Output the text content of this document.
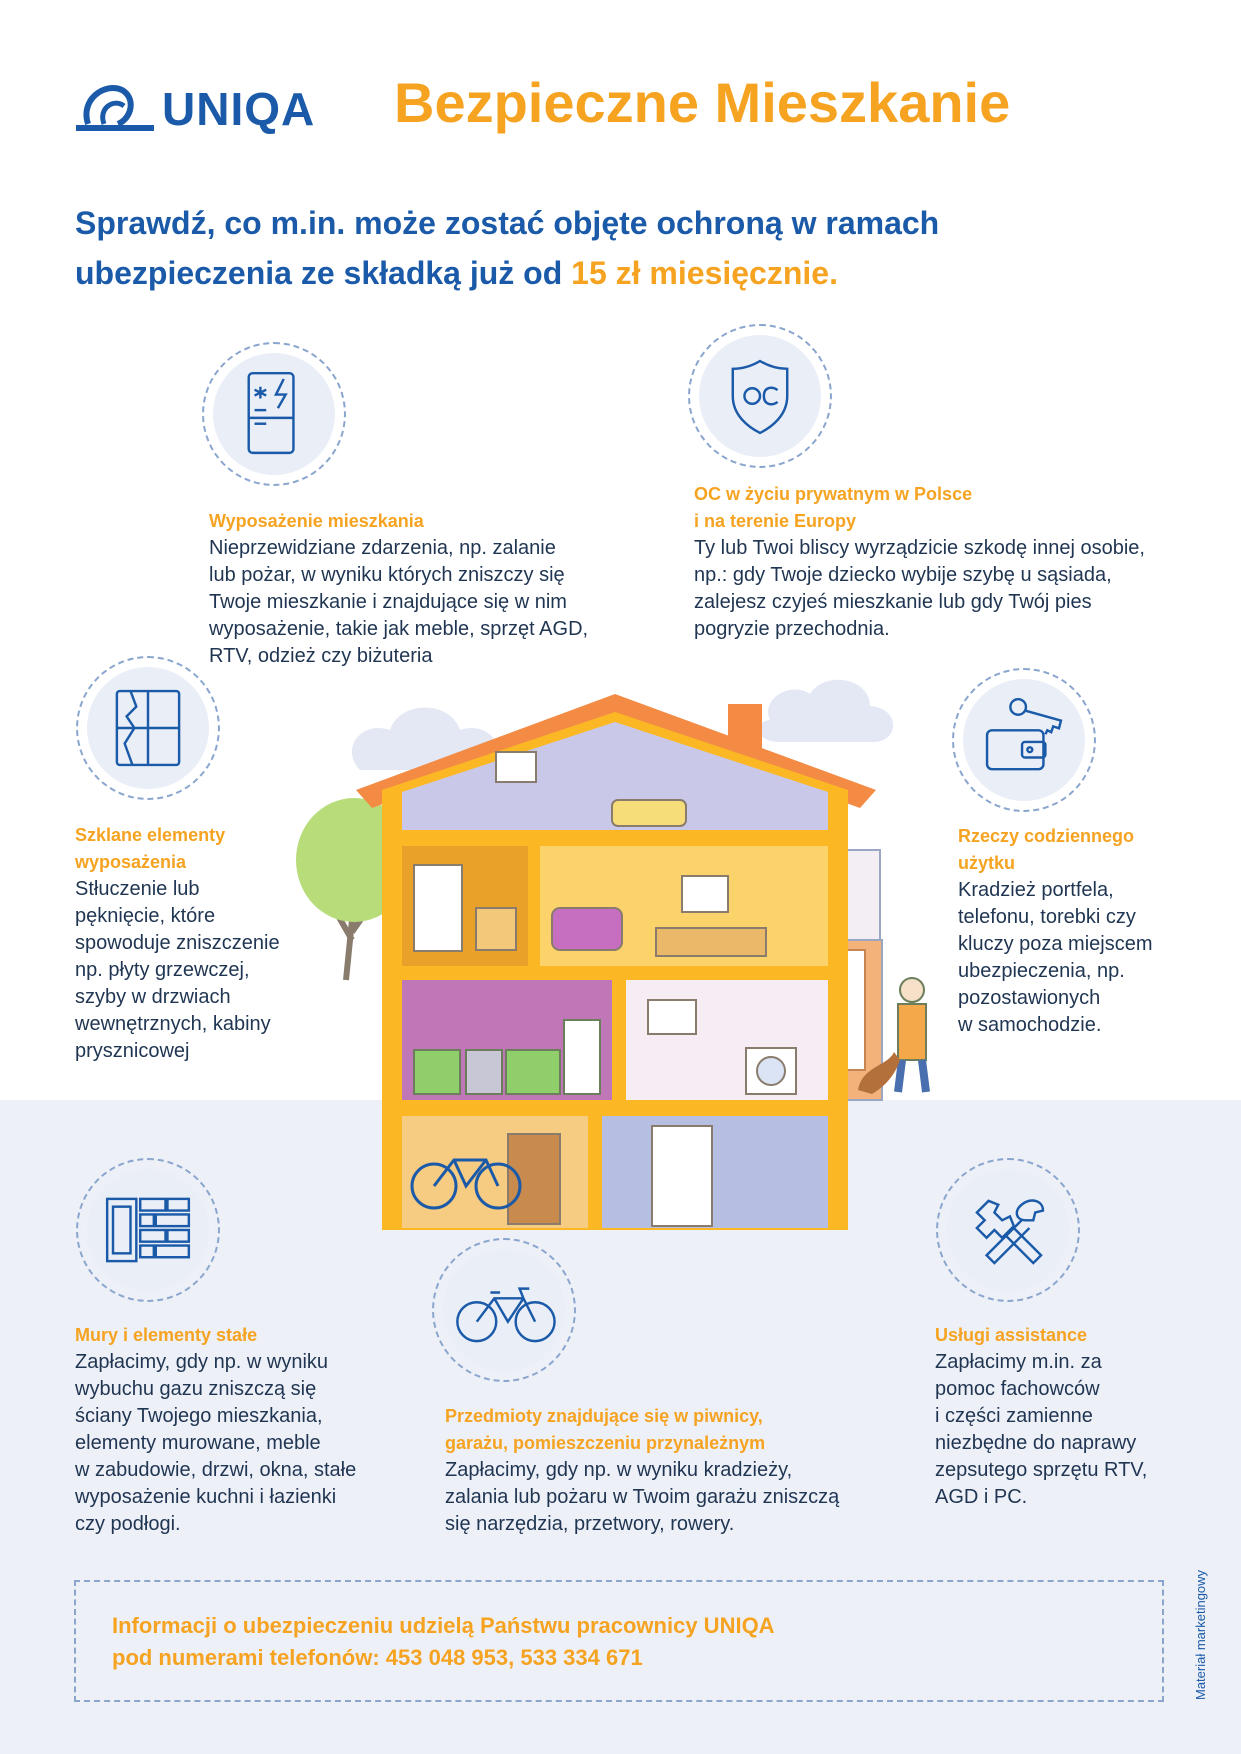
UNIQA Bezpieczne Mieszkanie
Sprawdź, co m.in. może zostać objęte ochroną w ramach
ubezpieczenia ze składką już od 15 zł miesięcznie.
Wyposażenie mieszkania

Nieprzewidziane zdarzenia, np. zalanie

lub pożar, w wyniku których zniszczy się

Twoje mieszkanie i znajdujące się w nim

wyposażenie, takie jak meble, sprzęt AGD,

RTV, odzież czy biżuteria

OC w życiu prywatnym w Polsce
i na terenie Europy

Ty lub Twoi bliscy wyrządzicie szkodę innej osobie,

np.: gdy Twoje dziecko wybije szybę u sąsiada,

zalejesz czyjeś mieszkanie lub gdy Twój pies

pogryzie przechodnia.

Szklane elementy
wyposażenia

Stłuczenie lub

pęknięcie, które

spowoduje zniszczenie

np. płyty grzewczej,

szyby w drzwiach

wewnętrznych, kabiny

prysznicowej

Rzeczy codziennego
użytku

Kradzież portfela,

telefonu, torebki czy

kluczy poza miejscem

ubezpieczenia, np.

pozostawionych

w samochodzie.

Mury i elementy stałe

Zapłacimy, gdy np. w wyniku

wybuchu gazu zniszczą się

ściany Twojego mieszkania,

elementy murowane, meble

w zabudowie, drzwi, okna, stałe

wyposażenie kuchni i łazienki

czy podłogi.

Przedmioty znajdujące się w piwnicy,
garażu, pomieszczeniu przynależnym

Zapłacimy, gdy np. w wyniku kradzieży,

zalania lub pożaru w Twoim garażu zniszczą

się narzędzia, przetwory, rowery.

Usługi assistance

Zapłacimy m.in. za

pomoc fachowców

i części zamienne

niezbędne do naprawy

zepsutego sprzętu RTV,

AGD i PC.

Informacji o ubezpieczeniu udzielą Państwu pracownicy UNIQA
pod numerami telefonów: 453 048 953, 533 334 671	Materiał marketingowy
